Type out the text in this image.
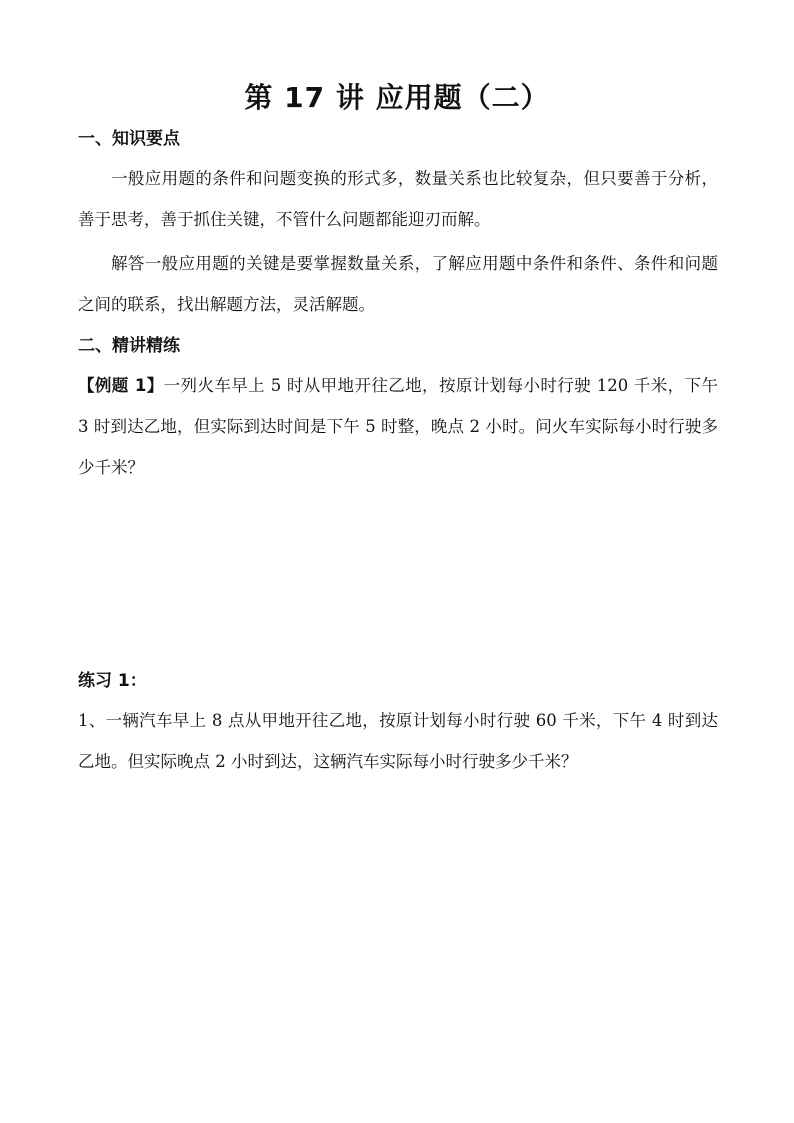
第 17 讲 应用题（二）
一、知识要点
一般应用题的条件和问题变换的形式多，数量关系也比较复杂，但只要善于分析，善于思考，善于抓住关键，不管什么问题都能迎刃而解。
解答一般应用题的关键是要掌握数量关系，了解应用题中条件和条件、条件和问题之间的联系，找出解题方法，灵活解题。
二、精讲精练
【例题 1】一列火车早上 5 时从甲地开往乙地，按原计划每小时行驶 120 千米，下午 3 时到达乙地，但实际到达时间是下午 5 时整，晚点 2 小时。问火车实际每小时行驶多少千米？
练习 1：
1、一辆汽车早上 8 点从甲地开往乙地，按原计划每小时行驶 60 千米，下午 4 时到达乙地。但实际晚点 2 小时到达，这辆汽车实际每小时行驶多少千米？
